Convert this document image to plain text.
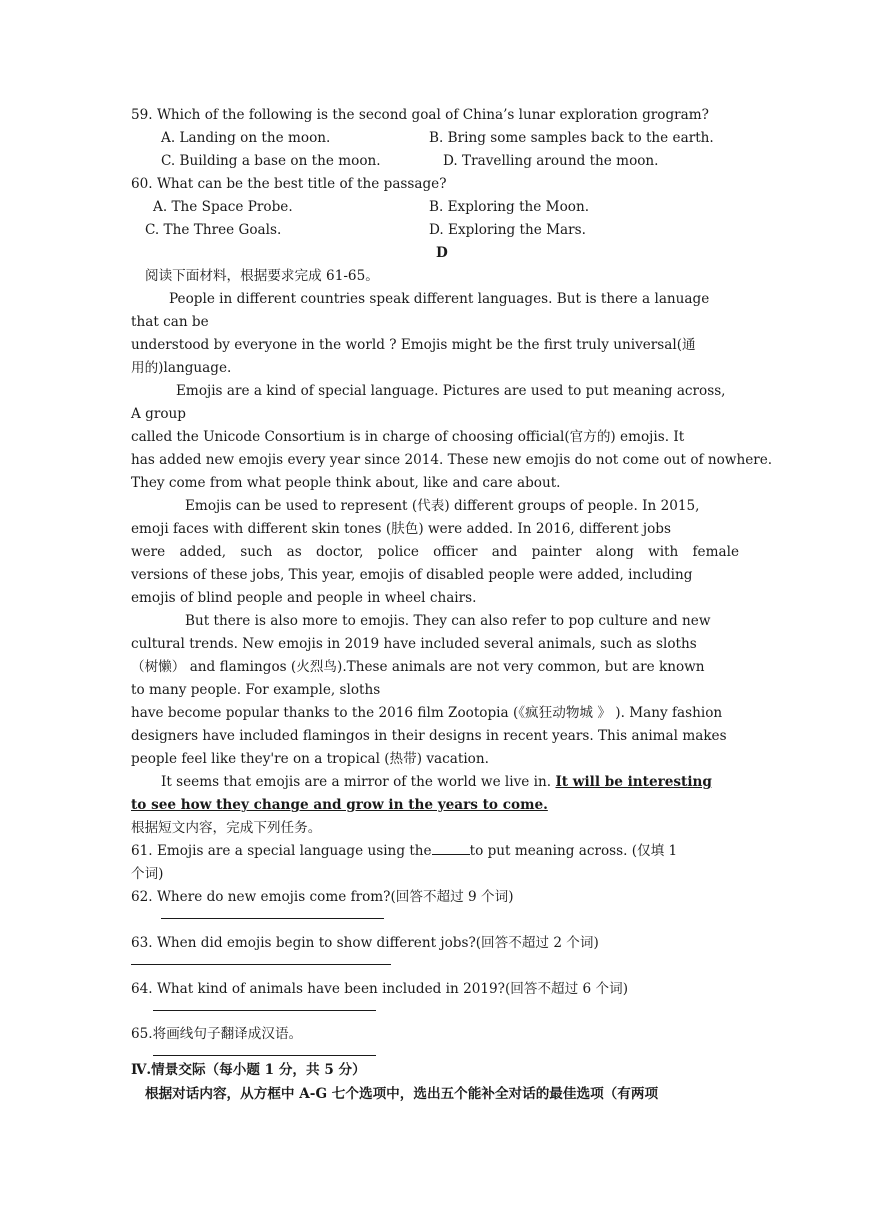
59. Which of the following is the second goal of China’s lunar exploration grogram?
A. Landing on the moon.	B. Bring some samples back to the earth.
C. Building a base on the moon.	D. Travelling around the moon.
60. What can be the best title of the passage?
A. The Space Probe.	B. Exploring the Moon.
C. The Three Goals.	D. Exploring the Mars.
D
阅读下面材料，根据要求完成 61-65。
People in different countries speak different languages. But is there a lanuage
that can be
understood by everyone in the world ? Emojis might be the first truly universal(通
用的)language.
Emojis are a kind of special language. Pictures are used to put meaning across,
A group
called the Unicode Consortium is in charge of choosing official(官方的) emojis. It
has added new emojis every year since 2014. These new emojis do not come out of nowhere.
They come from what people think about, like and care about.
Emojis can be used to represent (代表) different groups of people. In 2015,
emoji faces with different skin tones (肤色) were added. In 2016, different jobs
were added, such as doctor, police officer and painter along with female
versions of these jobs, This year, emojis of disabled people were added, including
emojis of blind people and people in wheel chairs.
But there is also more to emojis. They can also refer to pop culture and new
cultural trends. New emojis in 2019 have included several animals, such as sloths
（树懒） and flamingos (火烈鸟).These animals are not very common, but are known
to many people. For example, sloths
have become popular thanks to the 2016 film Zootopia (《疯狂动物城 》 ). Many fashion
designers have included flamingos in their designs in recent years. This animal makes
people feel like they're on a tropical (热带) vacation.
It seems that emojis are a mirror of the world we live in. It will be interesting
to see how they change and grow in the years to come.
根据短文内容，完成下列任务。
61. Emojis are a special language using the	to put meaning across. (仅填 1
个词)
62. Where do new emojis come from?(回答不超过 9 个词)
63. When did emojis begin to show different jobs?(回答不超过 2 个词)
64. What kind of animals have been included in 2019?(回答不超过 6 个词)
65.将画线句子翻译成汉语。
Ⅳ.情景交际（每小题 1 分，共 5 分）
根据对话内容，从方框中 A-G 七个选项中，选出五个能补全对话的最佳选项（有两项
